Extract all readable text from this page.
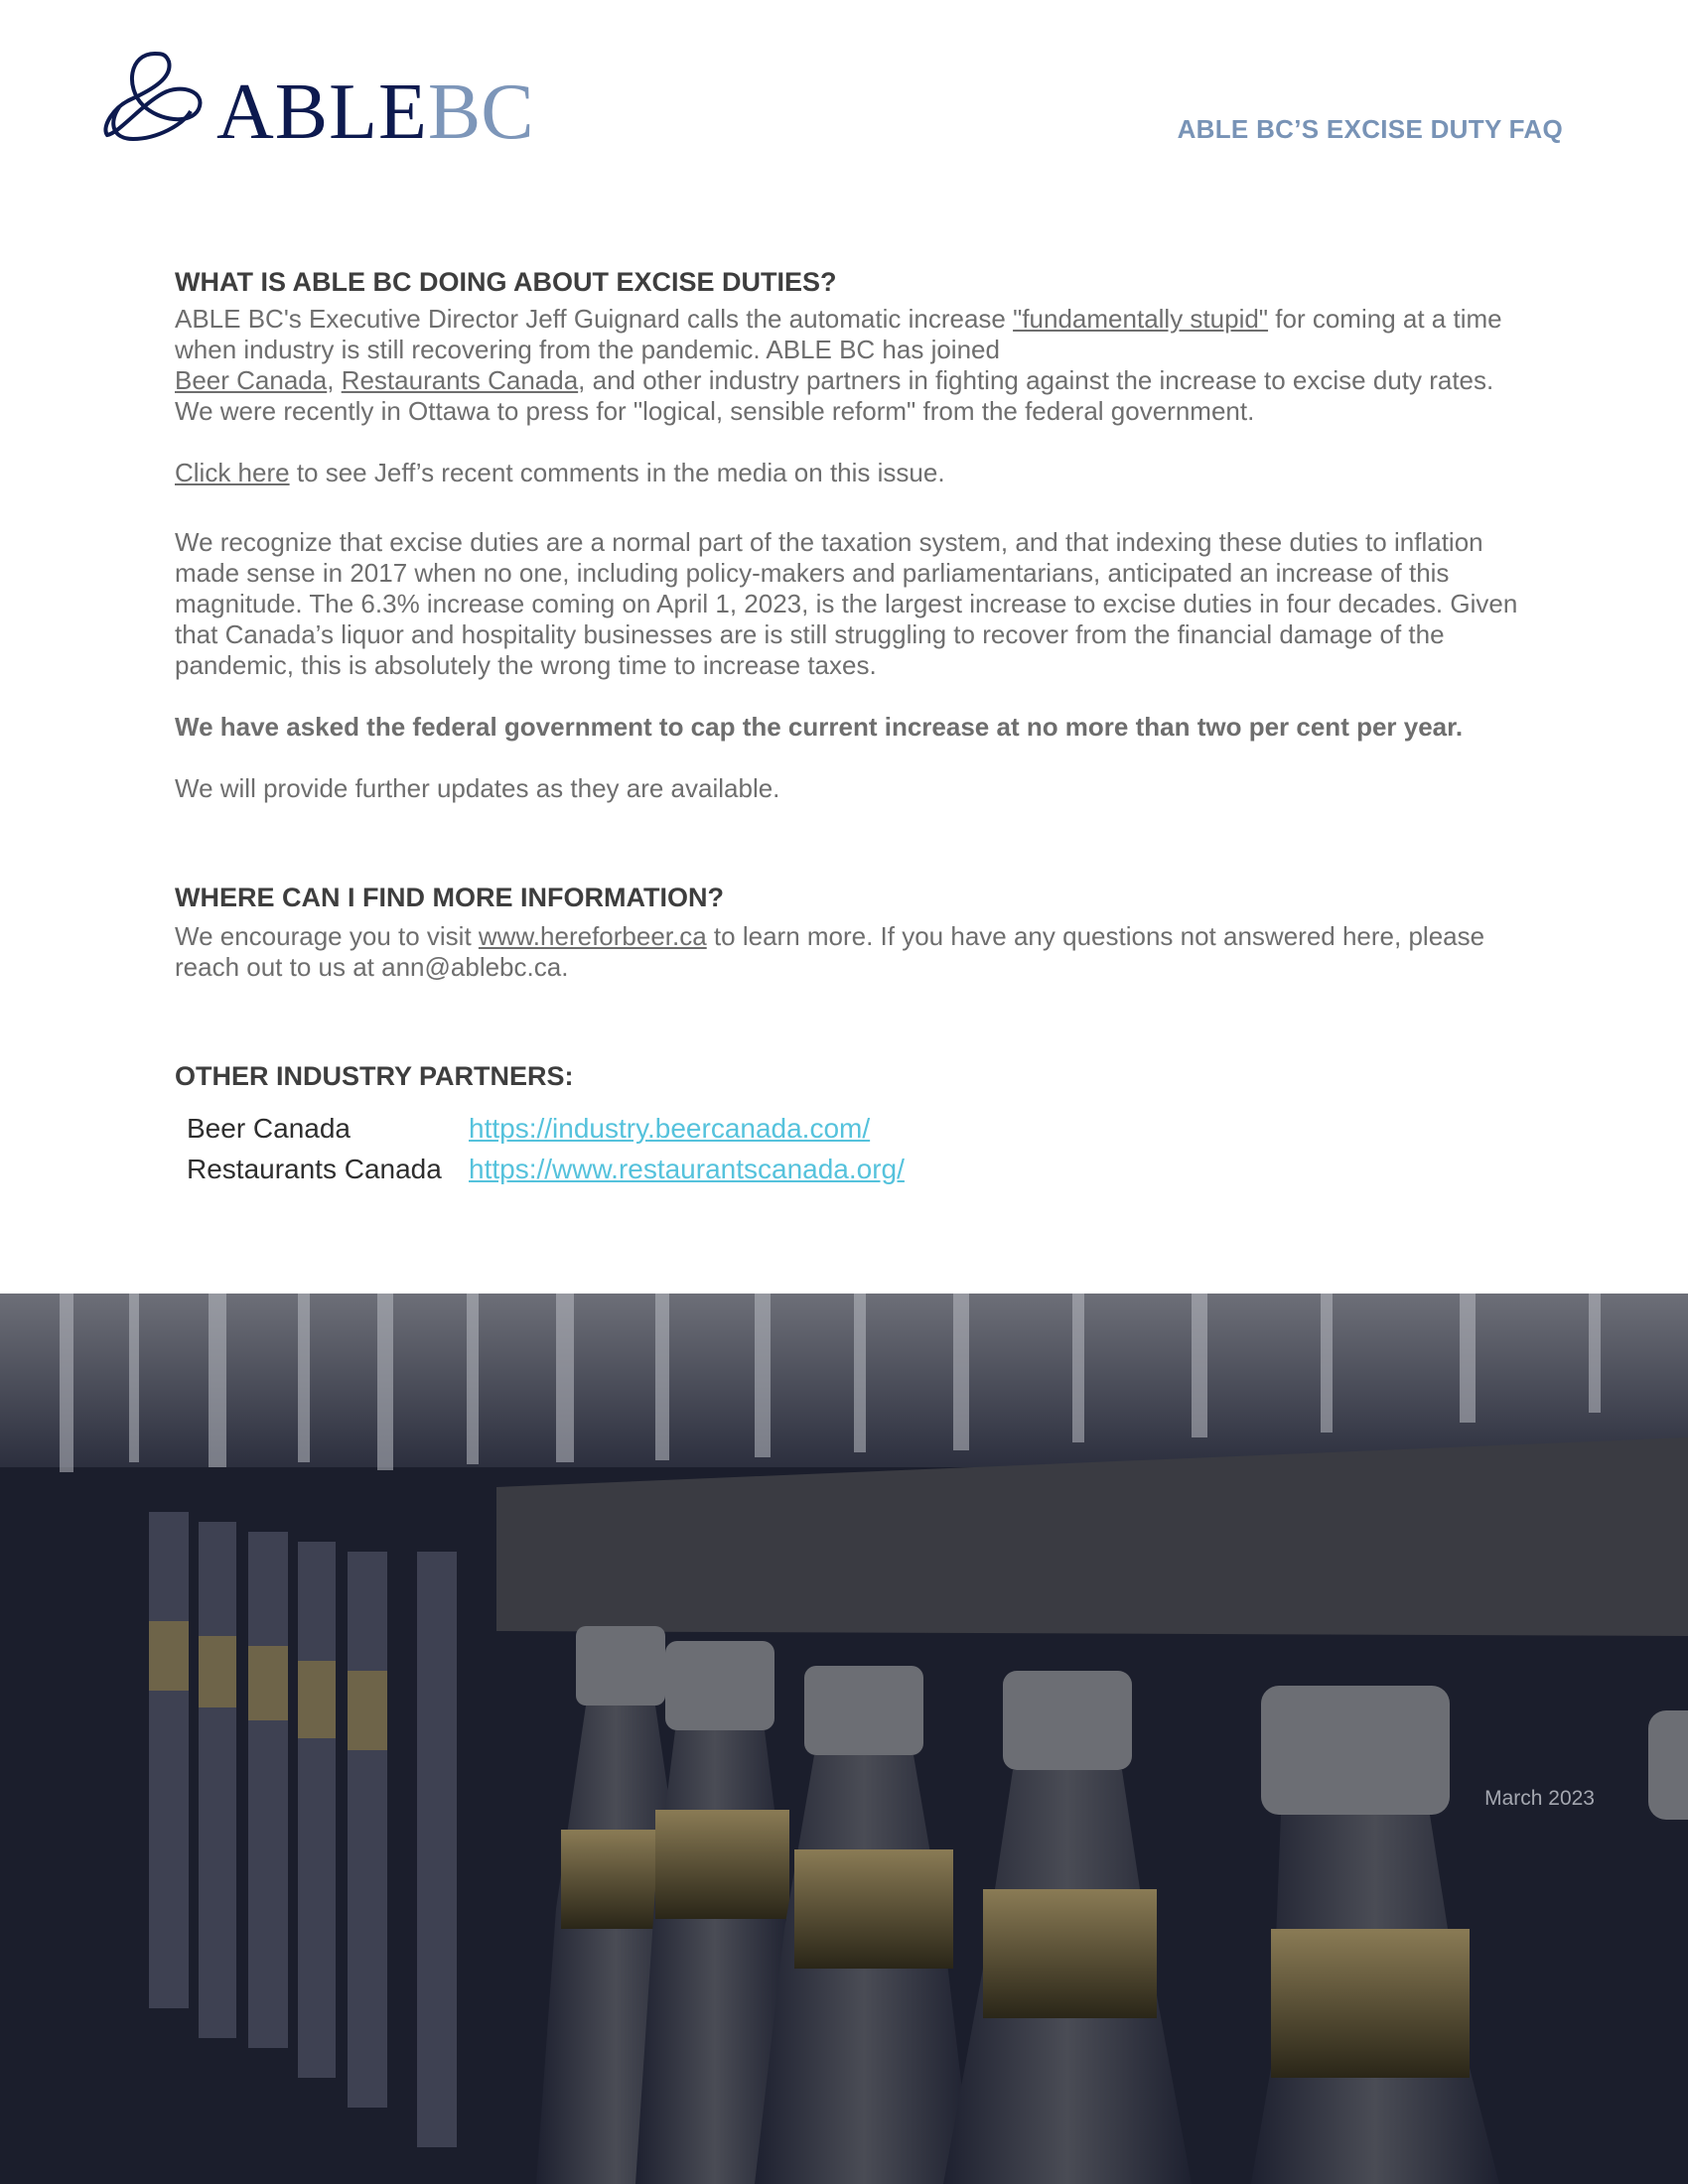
ABLEBC	ABLE BC’S EXCISE DUTY FAQ
WHAT IS ABLE BC DOING ABOUT EXCISE DUTIES?

ABLE BC's Executive Director Jeff Guignard calls the automatic increase "fundamentally stupid" for coming at a time when industry is still recovering from the pandemic. ABLE BC has joined
Beer Canada, Restaurants Canada, and other industry partners in fighting against the increase to excise duty rates. We were recently in Ottawa to press for "logical, sensible reform" from the federal government.

Click here to see Jeff’s recent comments in the media on this issue.

We recognize that excise duties are a normal part of the taxation system, and that indexing these duties to inflation made sense in 2017 when no one, including policy-makers and parliamentarians, anticipated an increase of this magnitude. The 6.3% increase coming on April 1, 2023, is the largest increase to excise duties in four decades. Given that Canada’s liquor and hospitality businesses are is still struggling to recover from the financial damage of the pandemic, this is absolutely the wrong time to increase taxes.

We have asked the federal government to cap the current increase at no more than two per cent per year.

We will provide further updates as they are available.

WHERE CAN I FIND MORE INFORMATION?

We encourage you to visit www.hereforbeer.ca to learn more. If you have any questions not answered here, please reach out to us at ann@ablebc.ca.

OTHER INDUSTRY PARTNERS:
Beer Canada	https://industry.beercanada.com/
Restaurants Canada	https://www.restaurantscanada.org/
March 2023
